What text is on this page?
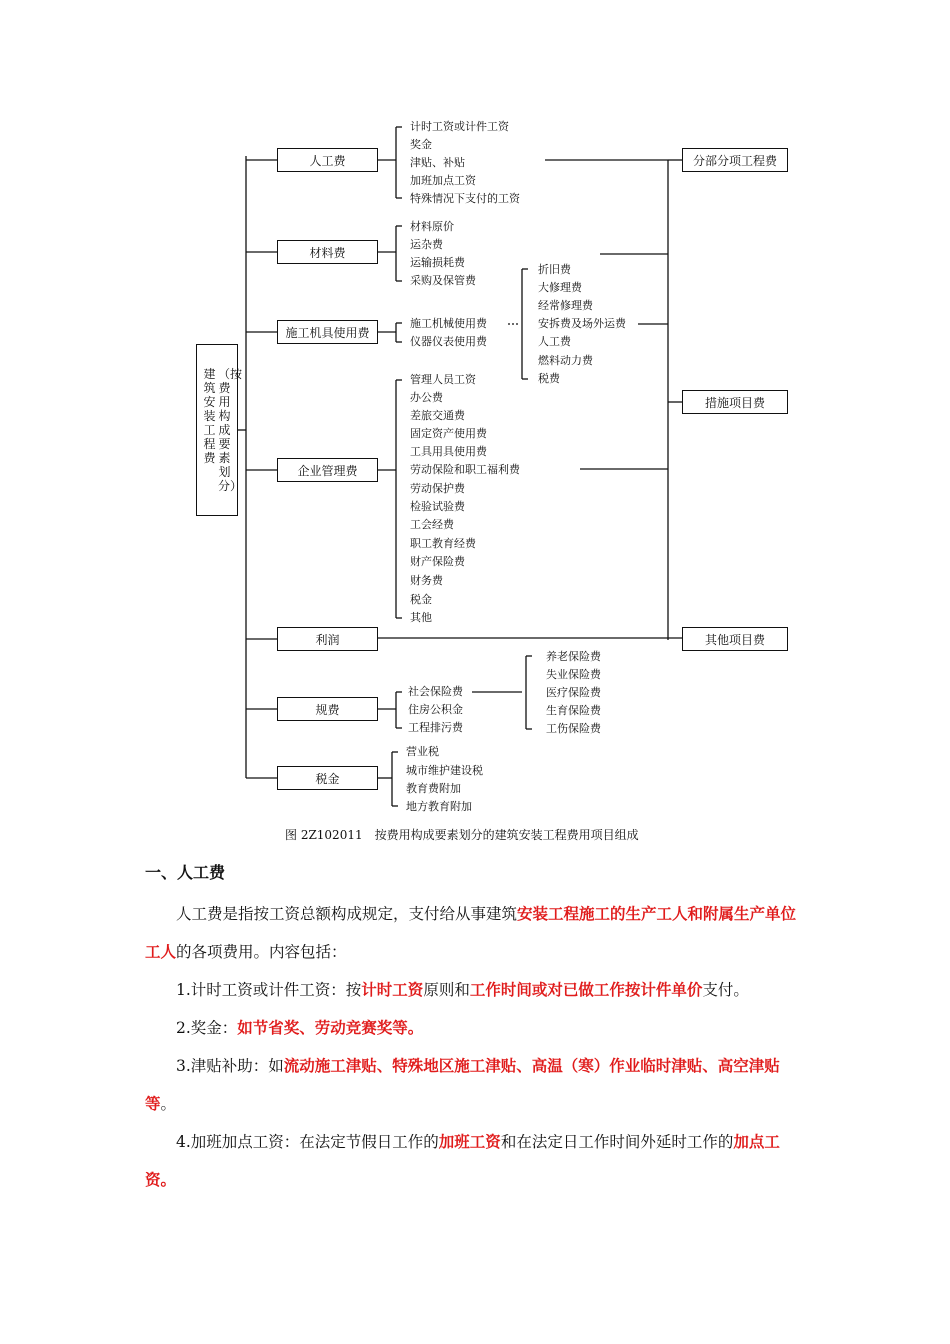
（按费用构成要素划分）
建筑安装工程费
人工费
材料费
施工机具使用费
企业管理费
利润
规费
税金
分部分项工程费
措施项目费
其他项目费
计时工资或计件工资
奖金
津贴、补贴
加班加点工资
特殊情况下支付的工资
材料原价
运杂费
运输损耗费
采购及保管费
施工机械使用费
仪器仪表使用费
折旧费
大修理费
经常修理费
安拆费及场外运费
人工费
燃料动力费
税费
管理人员工资
办公费
差旅交通费
固定资产使用费
工具用具使用费
劳动保险和职工福利费
劳动保护费
检验试验费
工会经费
职工教育经费
财产保险费
财务费
税金
其他
社会保险费
住房公积金
工程排污费
养老保险费
失业保险费
医疗保险费
生育保险费
工伤保险费
营业税
城市维护建设税
教育费附加
地方教育附加
图 2Z102011　按费用构成要素划分的建筑安装工程费用项目组成
一、人工费

人工费是指按工资总额构成规定，支付给从事建筑安装工程施工的生产工人和附属生产单位工人的各项费用。内容包括：

1.计时工资或计件工资：按计时工资原则和工作时间或对已做工作按计件单价支付。

2.奖金：如节省奖、劳动竞赛奖等。

3.津贴补助：如流动施工津贴、特殊地区施工津贴、高温（寒）作业临时津贴、高空津贴等。

4.加班加点工资：在法定节假日工作的加班工资和在法定日工作时间外延时工作的加点工资。
